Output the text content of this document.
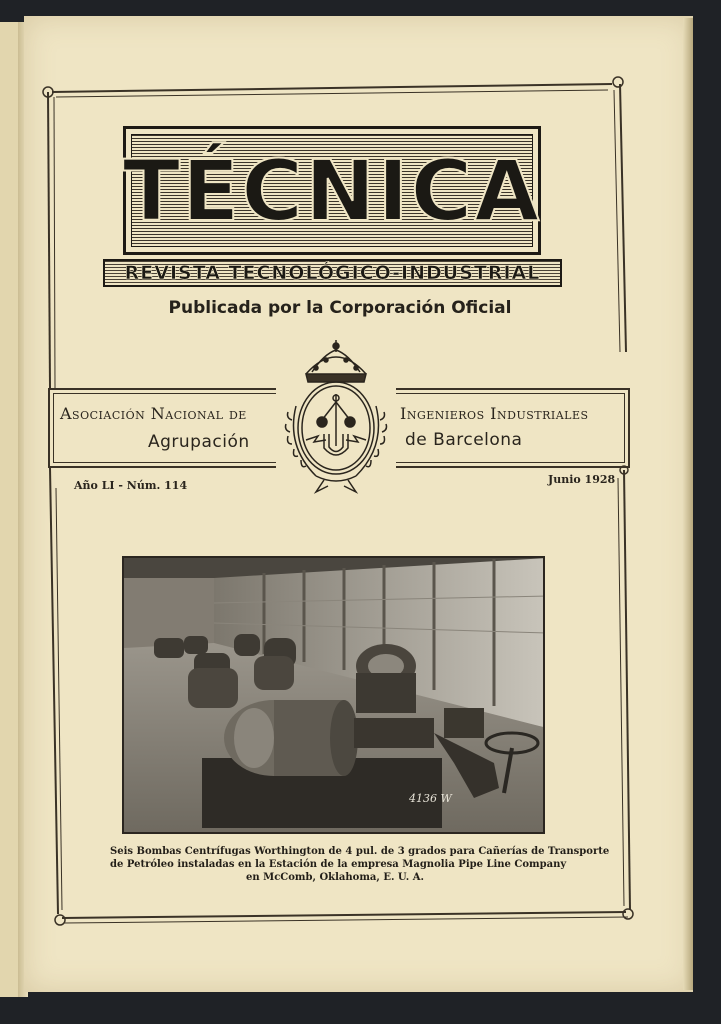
TÉCNICA
REVISTA TECNOLÓGICO-INDUSTRIAL
Publicada por la Corporación Oficial
Asociación Nacional de
Agrupación
Ingenieros Industriales
de Barcelona
Año LI - Núm. 114	Junio 1928
4136 W
Seis Bombas Centrífugas Worthington de 4 pul. de 3 grados para Cañerías de Transporte
de Petróleo instaladas en la Estación de la empresa Magnolia Pipe Line Company
en McComb, Oklahoma, E. U. A.
